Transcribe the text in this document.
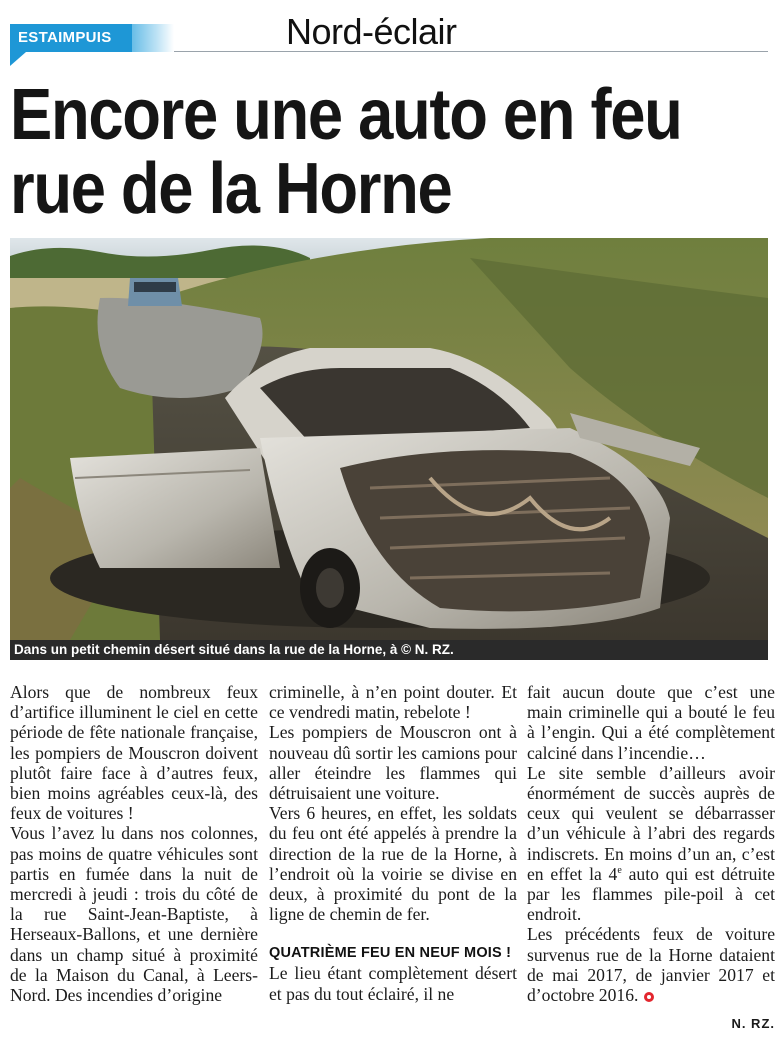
ESTAIMPUIS	Nord-éclair
Encore une auto en feu
rue de la Horne
Dans un petit chemin désert situé dans la rue de la Horne, à © N. RZ.

Alors que de nombreux feux d’artifice illuminent le ciel en cette période de fête nationale française, les pompiers de Mouscron doivent plutôt faire face à d’autres feux, bien moins agréables ceux-là, des feux de voitures !

Vous l’avez lu dans nos colonnes, pas moins de quatre véhicules sont partis en fumée dans la nuit de mercredi à jeudi : trois du côté de la rue Saint-Jean-Baptiste, à Herseaux-Ballons, et une dernière dans un champ situé à proximité de la Maison du Canal, à Leers-Nord. Des incendies d’origine

criminelle, à n’en point douter. Et ce vendredi matin, rebelote !

Les pompiers de Mouscron ont à nouveau dû sortir les camions pour aller éteindre les flammes qui détruisaient une voiture.

Vers 6 heures, en effet, les soldats du feu ont été appelés à prendre la direction de la rue de la Horne, à l’endroit où la voirie se divise en deux, à proximité du pont de la ligne de chemin de fer.

QUATRIÈME FEU EN NEUF MOIS !

Le lieu étant complètement désert et pas du tout éclairé, il ne

fait aucun doute que c’est une main criminelle qui a bouté le feu à l’engin. Qui a été complètement calciné dans l’incendie…

Le site semble d’ailleurs avoir énormément de succès auprès de ceux qui veulent se débarrasser d’un véhicule à l’abri des regards indiscrets. En moins d’un an, c’est en effet la 4e auto qui est détruite par les flammes pile-poil à cet endroit.

Les précédents feux de voiture survenus rue de la Horne dataient de mai 2017, de janvier 2017 et d’octobre 2016.

N. RZ.
